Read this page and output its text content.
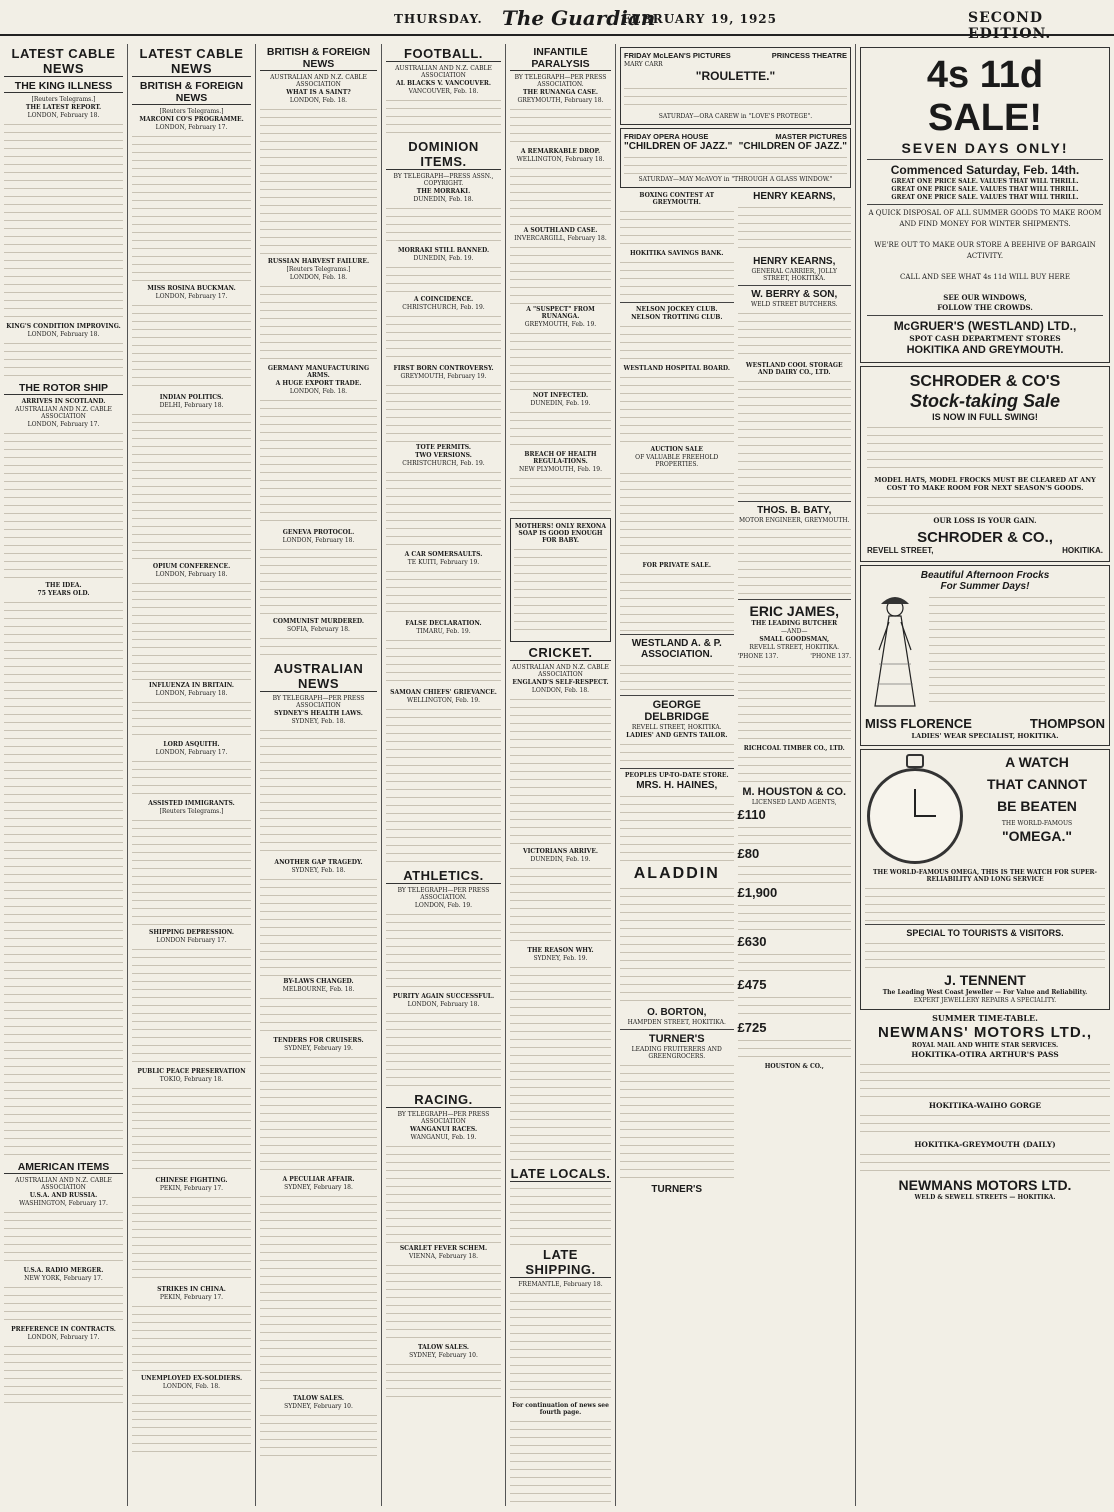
THURSDAY. The Guardian
FEBRUARY 19, 1925	SECOND EDITION.
LATEST CABLE NEWS
THE KING ILLNESS
[Reuters Telegrams.]
THE LATEST REPORT.
LONDON, February 18.
KING'S CONDITION IMPROVING.
LONDON, February 18.
THE ROTOR SHIP
ARRIVES IN SCOTLAND.
AUSTRALIAN AND N.Z. CABLE ASSOCIATION
LONDON, February 17.
THE IDEA.
75 YEARS OLD.
AMERICAN ITEMS
AUSTRALIAN AND N.Z. CABLE ASSOCIATION
U.S.A. AND RUSSIA.
WASHINGTON, February 17.
U.S.A. RADIO MERGER.
NEW YORK, February 17.
PREFERENCE IN CONTRACTS.
LONDON, February 17.
LATEST CABLE NEWS
BRITISH & FOREIGN NEWS
[Reuters Telegrams.]
MARCONI CO'S PROGRAMME.
LONDON, February 17.
MISS ROSINA BUCKMAN.
LONDON, February 17.
INDIAN POLITICS.
DELHI, February 18.
OPIUM CONFERENCE.
LONDON, February 18.
INFLUENZA IN BRITAIN.
LONDON, February 18.
LORD ASQUITH.
LONDON, February 17.
ASSISTED IMMIGRANTS.
[Reuters Telegrams.]
SHIPPING DEPRESSION.
LONDON February 17.
PUBLIC PEACE PRESERVATION
TOKIO, February 18.
CHINESE FIGHTING.
PEKIN, February 17.
STRIKES IN CHINA.
PEKIN, February 17.
UNEMPLOYED EX-SOLDIERS.
LONDON, Feb. 18.
BRITISH & FOREIGN NEWS
AUSTRALIAN AND N.Z. CABLE ASSOCIATION
WHAT IS A SAINT?
LONDON, Feb. 18.
RUSSIAN HARVEST FAILURE.
[Reuters Telegrams.]
LONDON, Feb. 18.
GERMANY MANUFACTURING ARMS.
A HUGE EXPORT TRADE.
LONDON, Feb. 18.
GENEVA PROTOCOL.
LONDON, February 18.
COMMUNIST MURDERED.
SOFIA, February 18.
AUSTRALIAN NEWS
BY TELEGRAPH—PER PRESS ASSOCIATION
SYDNEY'S HEALTH LAWS.
SYDNEY, Feb. 18.
ANOTHER GAP TRAGEDY.
SYDNEY, Feb. 18.
BY-LAWS CHANGED.
MELBOURNE, Feb. 18.
TENDERS FOR CRUISERS.
SYDNEY, February 19.
A PECULIAR AFFAIR.
SYDNEY, February 18.
TALOW SALES.
SYDNEY, February 10.
FOOTBALL.
AUSTRALIAN AND N.Z. CABLE ASSOCIATION
AL BLACKS V. VANCOUVER.
VANCOUVER, Feb. 18.
DOMINION ITEMS.
BY TELEGRAPH—PRESS ASSN., COPYRIGHT.
THE MORRAKI.
DUNEDIN, Feb. 18.
MORRAKI STILL BANNED.
DUNEDIN, Feb. 19.
A COINCIDENCE.
CHRISTCHURCH, Feb. 19.
FIRST BORN CONTROVERSY.
GREYMOUTH, February 19.
TOTE PERMITS.
TWO VERSIONS.
CHRISTCHURCH, Feb. 19.
A CAR SOMERSAULTS.
TE KUITI, February 19.
FALSE DECLARATION.
TIMARU, Feb. 19.
SAMOAN CHIEFS' GRIEVANCE.
WELLINGTON, Feb. 19.
ATHLETICS.
BY TELEGRAPH—PER PRESS ASSOCIATION.
LONDON, Feb. 19.
PURITY AGAIN SUCCESSFUL.
LONDON, February 18.
RACING.
BY TELEGRAPH—PER PRESS ASSOCIATION
WANGANUI RACES.
WANGANUI, Feb. 19.
SCARLET FEVER SCHEM.
VIENNA, February 18.
TALOW SALES.
SYDNEY, February 10.
INFANTILE PARALYSIS
BY TELEGRAPH—PER PRESS ASSOCIATION.
THE RUNANGA CASE.
GREYMOUTH, February 18.
A REMARKABLE DROP.
WELLINGTON, February 18.
A SOUTHLAND CASE.
INVERCARGILL, February 18.
A "SUSPECT" FROM RUNANGA.
GREYMOUTH, Feb. 19.
NOT INFECTED.
DUNEDIN, Feb. 19.
BREACH OF HEALTH REGULA-TIONS.
NEW PLYMOUTH, Feb. 19.
MOTHERS! ONLY REXONA SOAP IS GOOD ENOUGH FOR BABY.
CRICKET.
AUSTRALIAN AND N.Z. CABLE ASSOCIATION
ENGLAND'S SELF-RESPECT.
LONDON, Feb. 18.
VICTORIANS ARRIVE.
DUNEDIN, Feb. 19.
THE REASON WHY.
SYDNEY, Feb. 19.
LATE LOCALS.
LATE SHIPPING.
FREMANTLE, February 18.
For continuation of news see fourth page.
FRIDAY McLEAN'S PICTURES	PRINCESS THEATRE
MARY CARR
"ROULETTE."
SATURDAY—ORA CAREW in "LOVE'S PROTEGE".
FRIDAY OPERA HOUSE	MASTER PICTURES
"CHILDREN OF JAZZ." "CHILDREN OF JAZZ."
SATURDAY—MAY McAVOY in "THROUGH A GLASS WINDOW."
BOXING CONTEST AT GREYMOUTH.
HOKITIKA SAVINGS BANK.
NELSON JOCKEY CLUB.
NELSON TROTTING CLUB.
WESTLAND HOSPITAL BOARD.
AUCTION SALE
OF VALUABLE FREEHOLD PROPERTIES.
FOR PRIVATE SALE.
WESTLAND A. & P.
ASSOCIATION.
GEORGE DELBRIDGE
REVELL STREET, HOKITIKA.
LADIES' AND GENTS TAILOR.
PEOPLES UP-TO-DATE STORE.
MRS. H. HAINES,
ALADDIN
O. BORTON,
HAMPDEN STREET, HOKITIKA.
TURNER'S
LEADING FRUITERERS AND GREENGROCERS.
TURNER'S
HENRY KEARNS,
HENRY KEARNS,
GENERAL CARRIER, JOLLY STREET, HOKITIKA.
W. BERRY & SON,
WELD STREET BUTCHERS.
WESTLAND COOL STORAGE AND DAIRY CO., LTD.
THOS. B. BATY,
MOTOR ENGINEER, GREYMOUTH.
ERIC JAMES,
THE LEADING BUTCHER
—AND—
SMALL GOODSMAN,
REVELL STREET, HOKITIKA.
'PHONE 137.	'PHONE 137.
RICHCOAL TIMBER CO., LTD.
M. HOUSTON & CO.
LICENSED LAND AGENTS,
£110
£80
£1,900
£630
£475
£725
HOUSTON & CO.,
4s 11d SALE!
SEVEN DAYS ONLY!
Commenced Saturday, Feb. 14th.
GREAT ONE PRICE SALE. VALUES THAT WILL THRILL.
GREAT ONE PRICE SALE. VALUES THAT WILL THRILL.
GREAT ONE PRICE SALE. VALUES THAT WILL THRILL.
A QUICK DISPOSAL OF ALL SUMMER GOODS TO MAKE ROOM AND FIND MONEY FOR WINTER SHIPMENTS.
WE'RE OUT TO MAKE OUR STORE A BEEHIVE OF BARGAIN ACTIVITY.
CALL AND SEE WHAT 4s 11d WILL BUY HERE
SEE OUR WINDOWS,
FOLLOW THE CROWDS.
McGRUER'S (WESTLAND) LTD.,
SPOT CASH DEPARTMENT STORES
HOKITIKA AND GREYMOUTH.
SCHRODER & CO'S
Stock-taking Sale
IS NOW IN FULL SWING!
MODEL HATS, MODEL FROCKS MUST BE CLEARED AT ANY COST TO MAKE ROOM FOR NEXT SEASON'S GOODS.
OUR LOSS IS YOUR GAIN.
SCHRODER & CO.,
REVELL STREET,	HOKITIKA.
Beautiful Afternoon Frocks
For Summer Days!
MISS FLORENCE	THOMPSON
LADIES' WEAR SPECIALIST, HOKITIKA.
A WATCH
THAT CANNOT
BE BEATEN
THE WORLD-FAMOUS
"OMEGA."
THE WORLD-FAMOUS OMEGA, THIS IS THE WATCH FOR SUPER-RELIABILITY AND LONG SERVICE
SPECIAL TO TOURISTS & VISITORS.
J. TENNENT
The Leading West Coast Jeweller — For Value and Reliability.
EXPERT JEWELLERY REPAIRS A SPECIALITY.
SUMMER TIME-TABLE.
NEWMANS' MOTORS LTD.,
ROYAL MAIL AND WHITE STAR SERVICES.
HOKITIKA-OTIRA ARTHUR'S PASS
HOKITIKA-WAIHO GORGE
HOKITIKA-GREYMOUTH (DAILY)
NEWMANS MOTORS LTD.
WELD & SEWELL STREETS — HOKITIKA.
